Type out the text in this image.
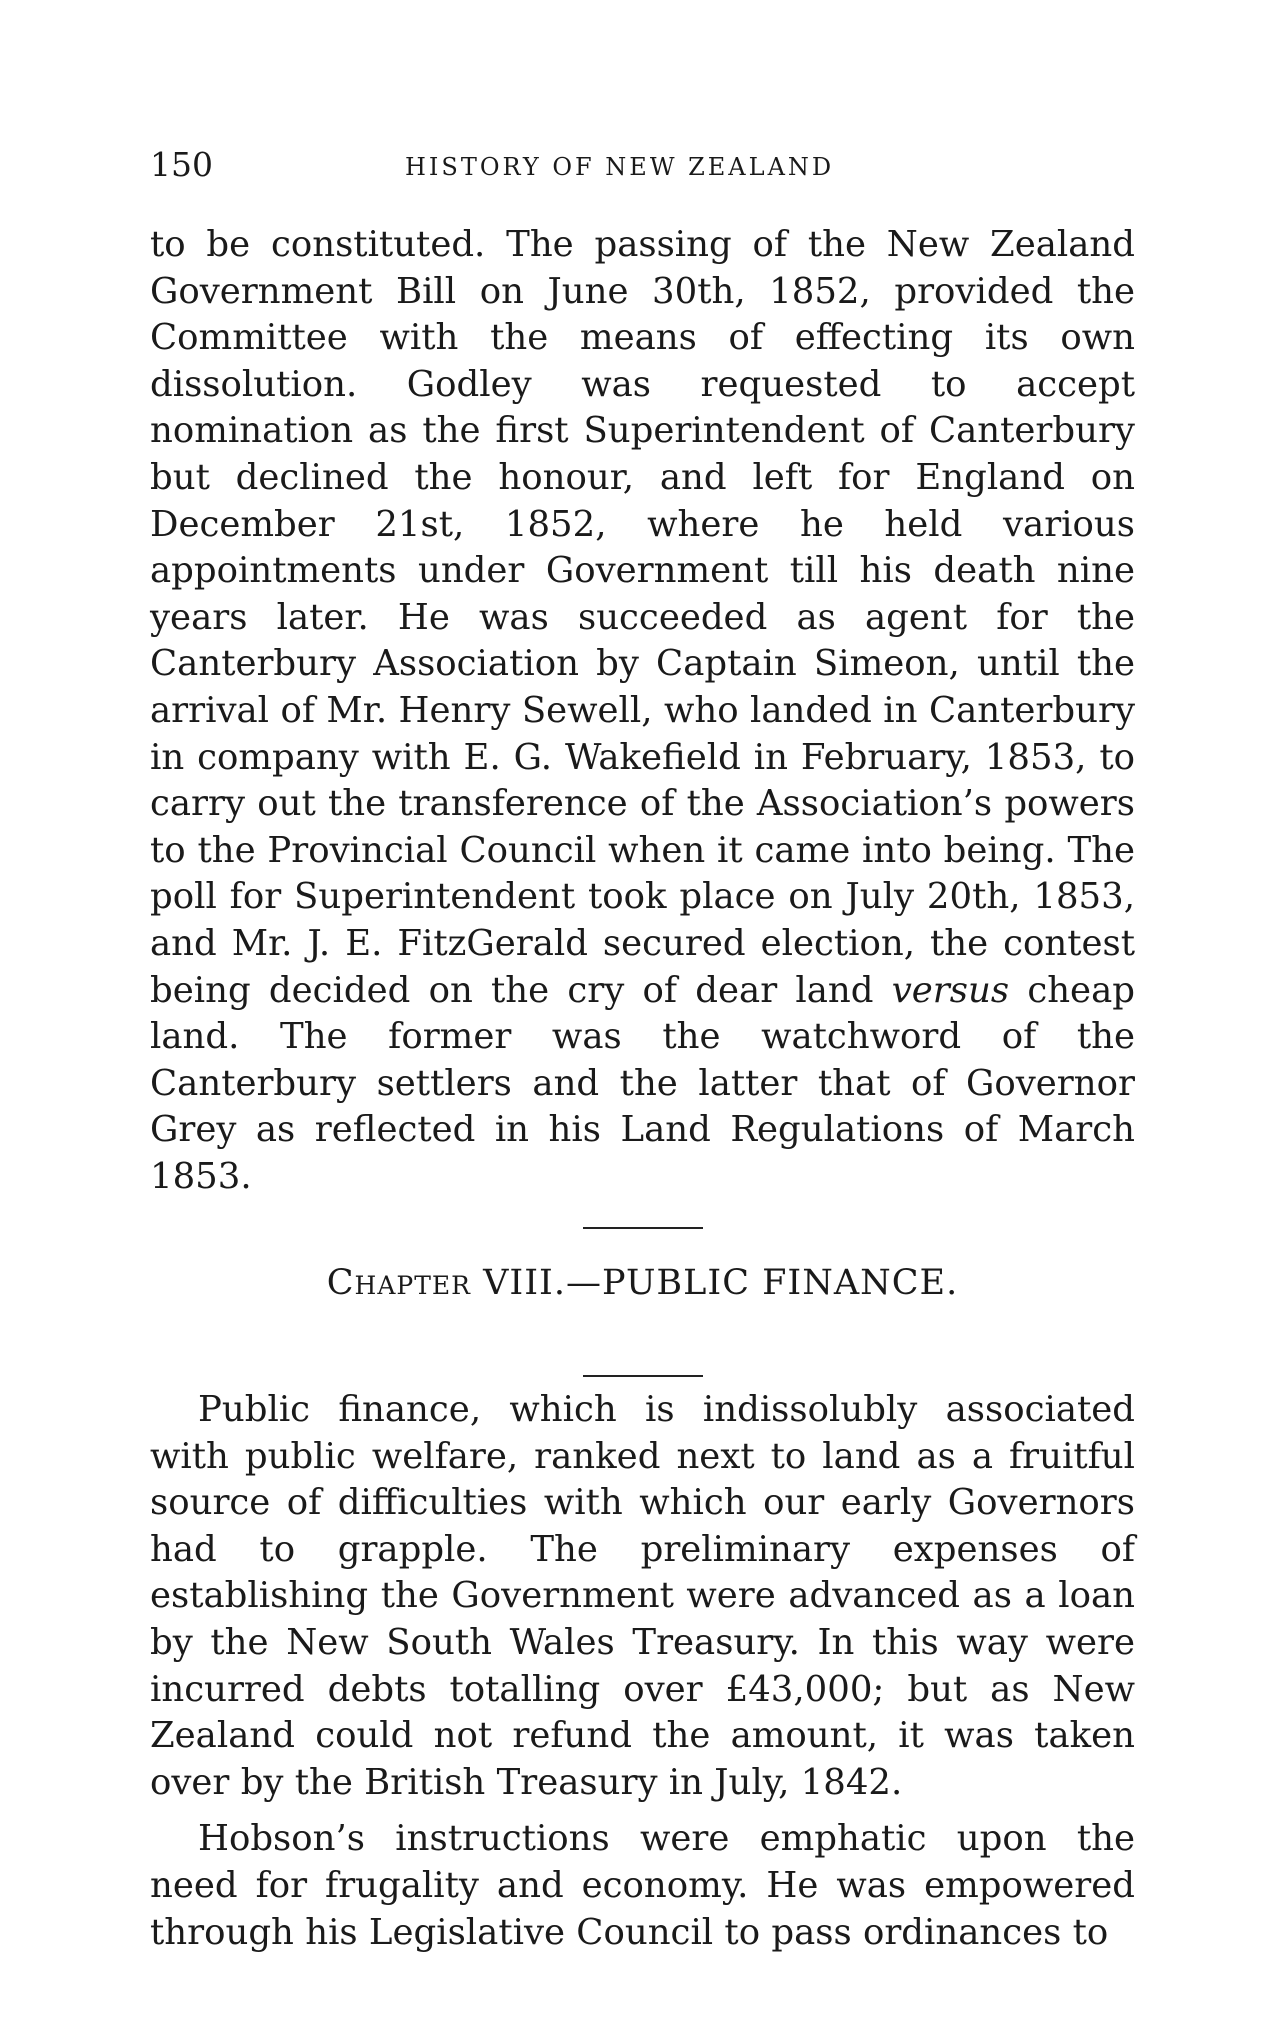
150	HISTORY OF NEW ZEALAND

to be constituted. The passing of the New Zealand Government Bill on June 30th, 1852, provided the Committee with the means of effecting its own dissolution. Godley was requested to accept nomination as the first Superintendent of Canterbury but declined the honour, and left for England on December 21st, 1852, where he held various appointments under Government till his death nine years later. He was succeeded as agent for the Canterbury Association by Captain Simeon, until the arrival of Mr. Henry Sewell, who landed in Canterbury in company with E. G. Wakefield in February, 1853, to carry out the transference of the Association’s powers to the Provincial Council when it came into being. The poll for Superintendent took place on July 20th, 1853, and Mr. J. E. FitzGerald secured election, the contest being decided on the cry of dear land versus cheap land. The former was the watchword of the Canterbury settlers and the latter that of Governor Grey as reflected in his Land Regulations of March 1853.

Chapter VIII.—PUBLIC FINANCE.

Public finance, which is indissolubly associated with public welfare, ranked next to land as a fruitful source of difficulties with which our early Governors had to grapple. The preliminary expenses of establishing the Government were advanced as a loan by the New South Wales Treasury. In this way were incurred debts totalling over £43,000; but as New Zealand could not refund the amount, it was taken over by the British Treasury in July, 1842.

Hobson’s instructions were emphatic upon the need for frugality and economy. He was empowered through his Legislative Council to pass ordinances to
